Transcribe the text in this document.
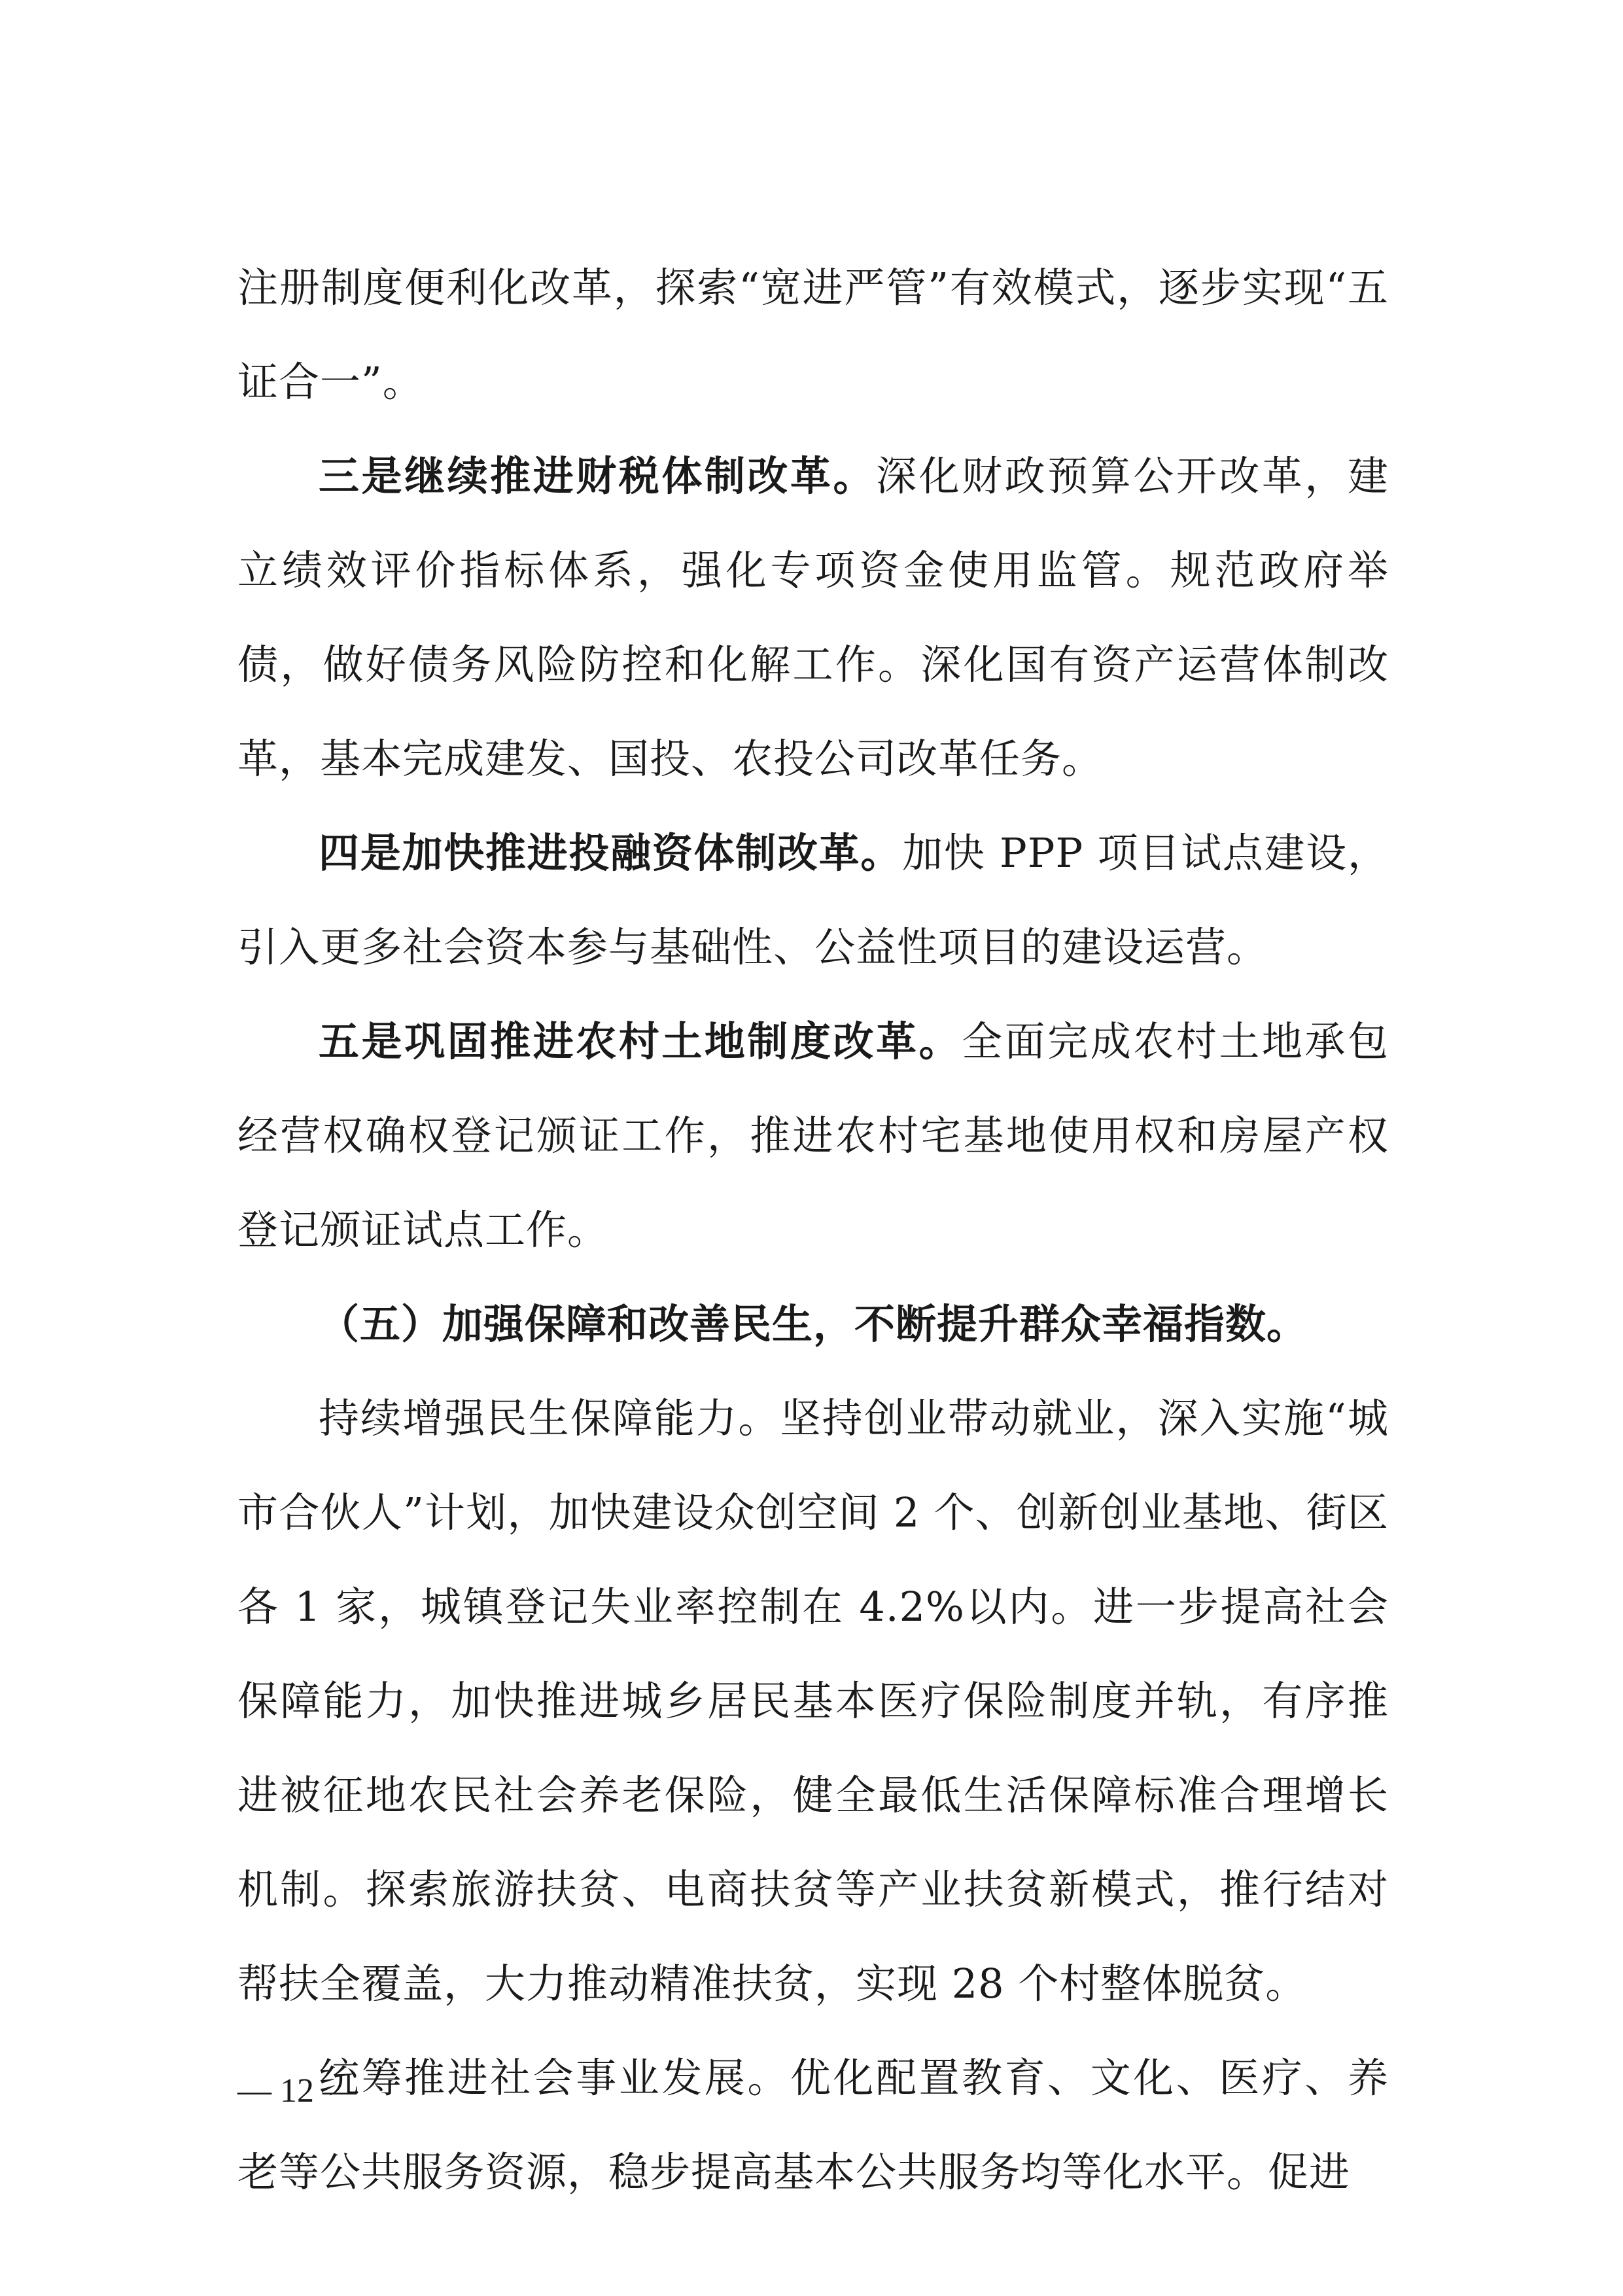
注册制度便利化改革，探索“宽进严管”有效模式，逐步实现“五证合一”。

三是继续推进财税体制改革。深化财政预算公开改革，建立绩效评价指标体系，强化专项资金使用监管。规范政府举债，做好债务风险防控和化解工作。深化国有资产运营体制改革，基本完成建发、国投、农投公司改革任务。

四是加快推进投融资体制改革。加快 PPP 项目试点建设，引入更多社会资本参与基础性、公益性项目的建设运营。

五是巩固推进农村土地制度改革。全面完成农村土地承包经营权确权登记颁证工作，推进农村宅基地使用权和房屋产权登记颁证试点工作。

（五）加强保障和改善民生，不断提升群众幸福指数。

持续增强民生保障能力。坚持创业带动就业，深入实施“城市合伙人”计划，加快建设众创空间 2 个、创新创业基地、街区各 1 家，城镇登记失业率控制在 4.2%以内。进一步提高社会保障能力，加快推进城乡居民基本医疗保险制度并轨，有序推进被征地农民社会养老保险，健全最低生活保障标准合理增长机制。探索旅游扶贫、电商扶贫等产业扶贫新模式，推行结对帮扶全覆盖，大力推动精准扶贫，实现 28 个村整体脱贫。

统筹推进社会事业发展。优化配置教育、文化、医疗、养老等公共服务资源，稳步提高基本公共服务均等化水平。促进

— 12 —
